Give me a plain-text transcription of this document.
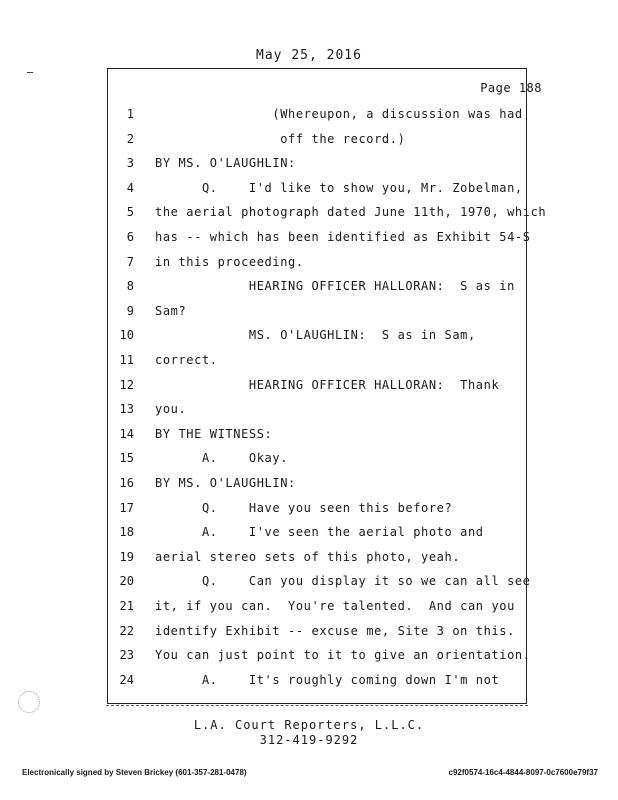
May 25, 2016
Page 188
1 (Whereupon, a discussion was had
2 off the record.)
3 BY MS. O'LAUGHLIN:
4 Q.    I'd like to show you, Mr. Zobelman,
5 the aerial photograph dated June 11th, 1970, which
6 has -- which has been identified as Exhibit 54-S
7 in this proceeding.
8 HEARING OFFICER HALLORAN:  S as in
9 Sam?
10 MS. O'LAUGHLIN:  S as in Sam,
11 correct.
12 HEARING OFFICER HALLORAN:  Thank
13 you.
14 BY THE WITNESS:
15 A.    Okay.
16 BY MS. O'LAUGHLIN:
17 Q.    Have you seen this before?
18 A.    I've seen the aerial photo and
19 aerial stereo sets of this photo, yeah.
20 Q.    Can you display it so we can all see
21 it, if you can.  You're talented.  And can you
22 identify Exhibit -- excuse me, Site 3 on this.
23 You can just point to it to give an orientation.
24 A.    It's roughly coming down I'm not
L.A. Court Reporters, L.L.C.
312-419-9292
Electronically signed by Steven Brickey (601-357-281-0478)	c92f0574-16c4-4844-8097-0c7600e79f37
